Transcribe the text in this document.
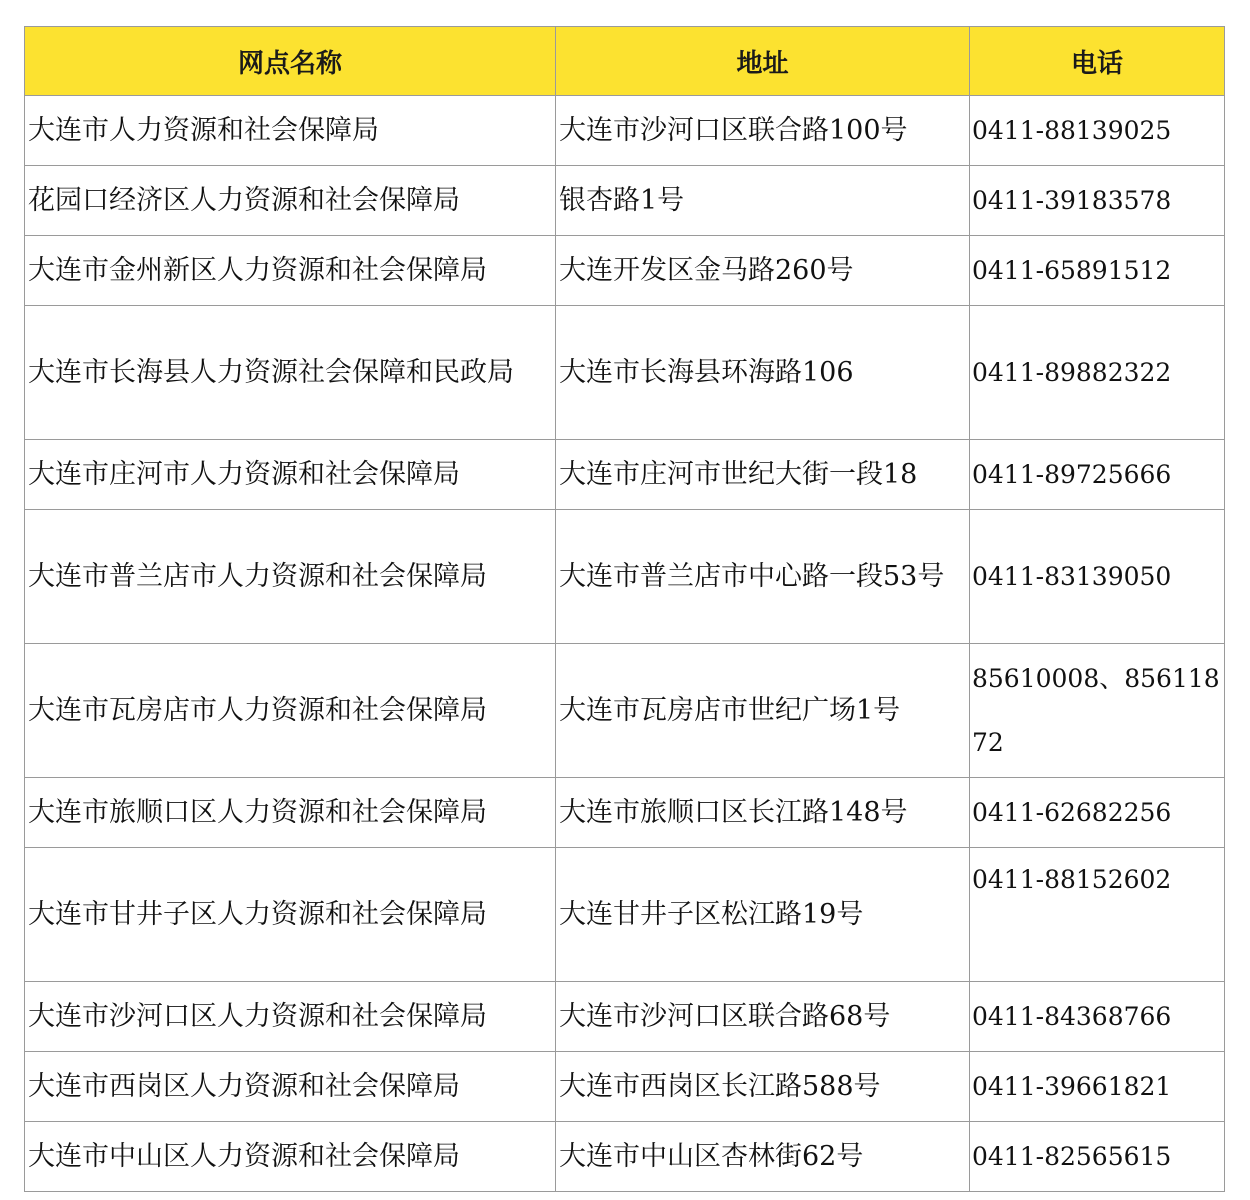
网点名称	地址	电话
大连市人力资源和社会保障局	大连市沙河口区联合路100号	0411-88139025
花园口经济区人力资源和社会保障局	银杏路1号	0411-39183578
大连市金州新区人力资源和社会保障局	大连开发区金马路260号	0411-65891512
大连市长海县人力资源社会保障和民政局	大连市长海县环海路106	0411-89882322
大连市庄河市人力资源和社会保障局	大连市庄河市世纪大街一段18	0411-89725666
大连市普兰店市人力资源和社会保障局	大连市普兰店市中心路一段53号	0411-83139050
大连市瓦房店市人力资源和社会保障局	大连市瓦房店市世纪广场1号	85610008、85611872
大连市旅顺口区人力资源和社会保障局	大连市旅顺口区长江路148号	0411-62682256
大连市甘井子区人力资源和社会保障局	大连甘井子区松江路19号	0411-88152602
大连市沙河口区人力资源和社会保障局	大连市沙河口区联合路68号	0411-84368766
大连市西岗区人力资源和社会保障局	大连市西岗区长江路588号	0411-39661821
大连市中山区人力资源和社会保障局	大连市中山区杏林街62号	0411-82565615
